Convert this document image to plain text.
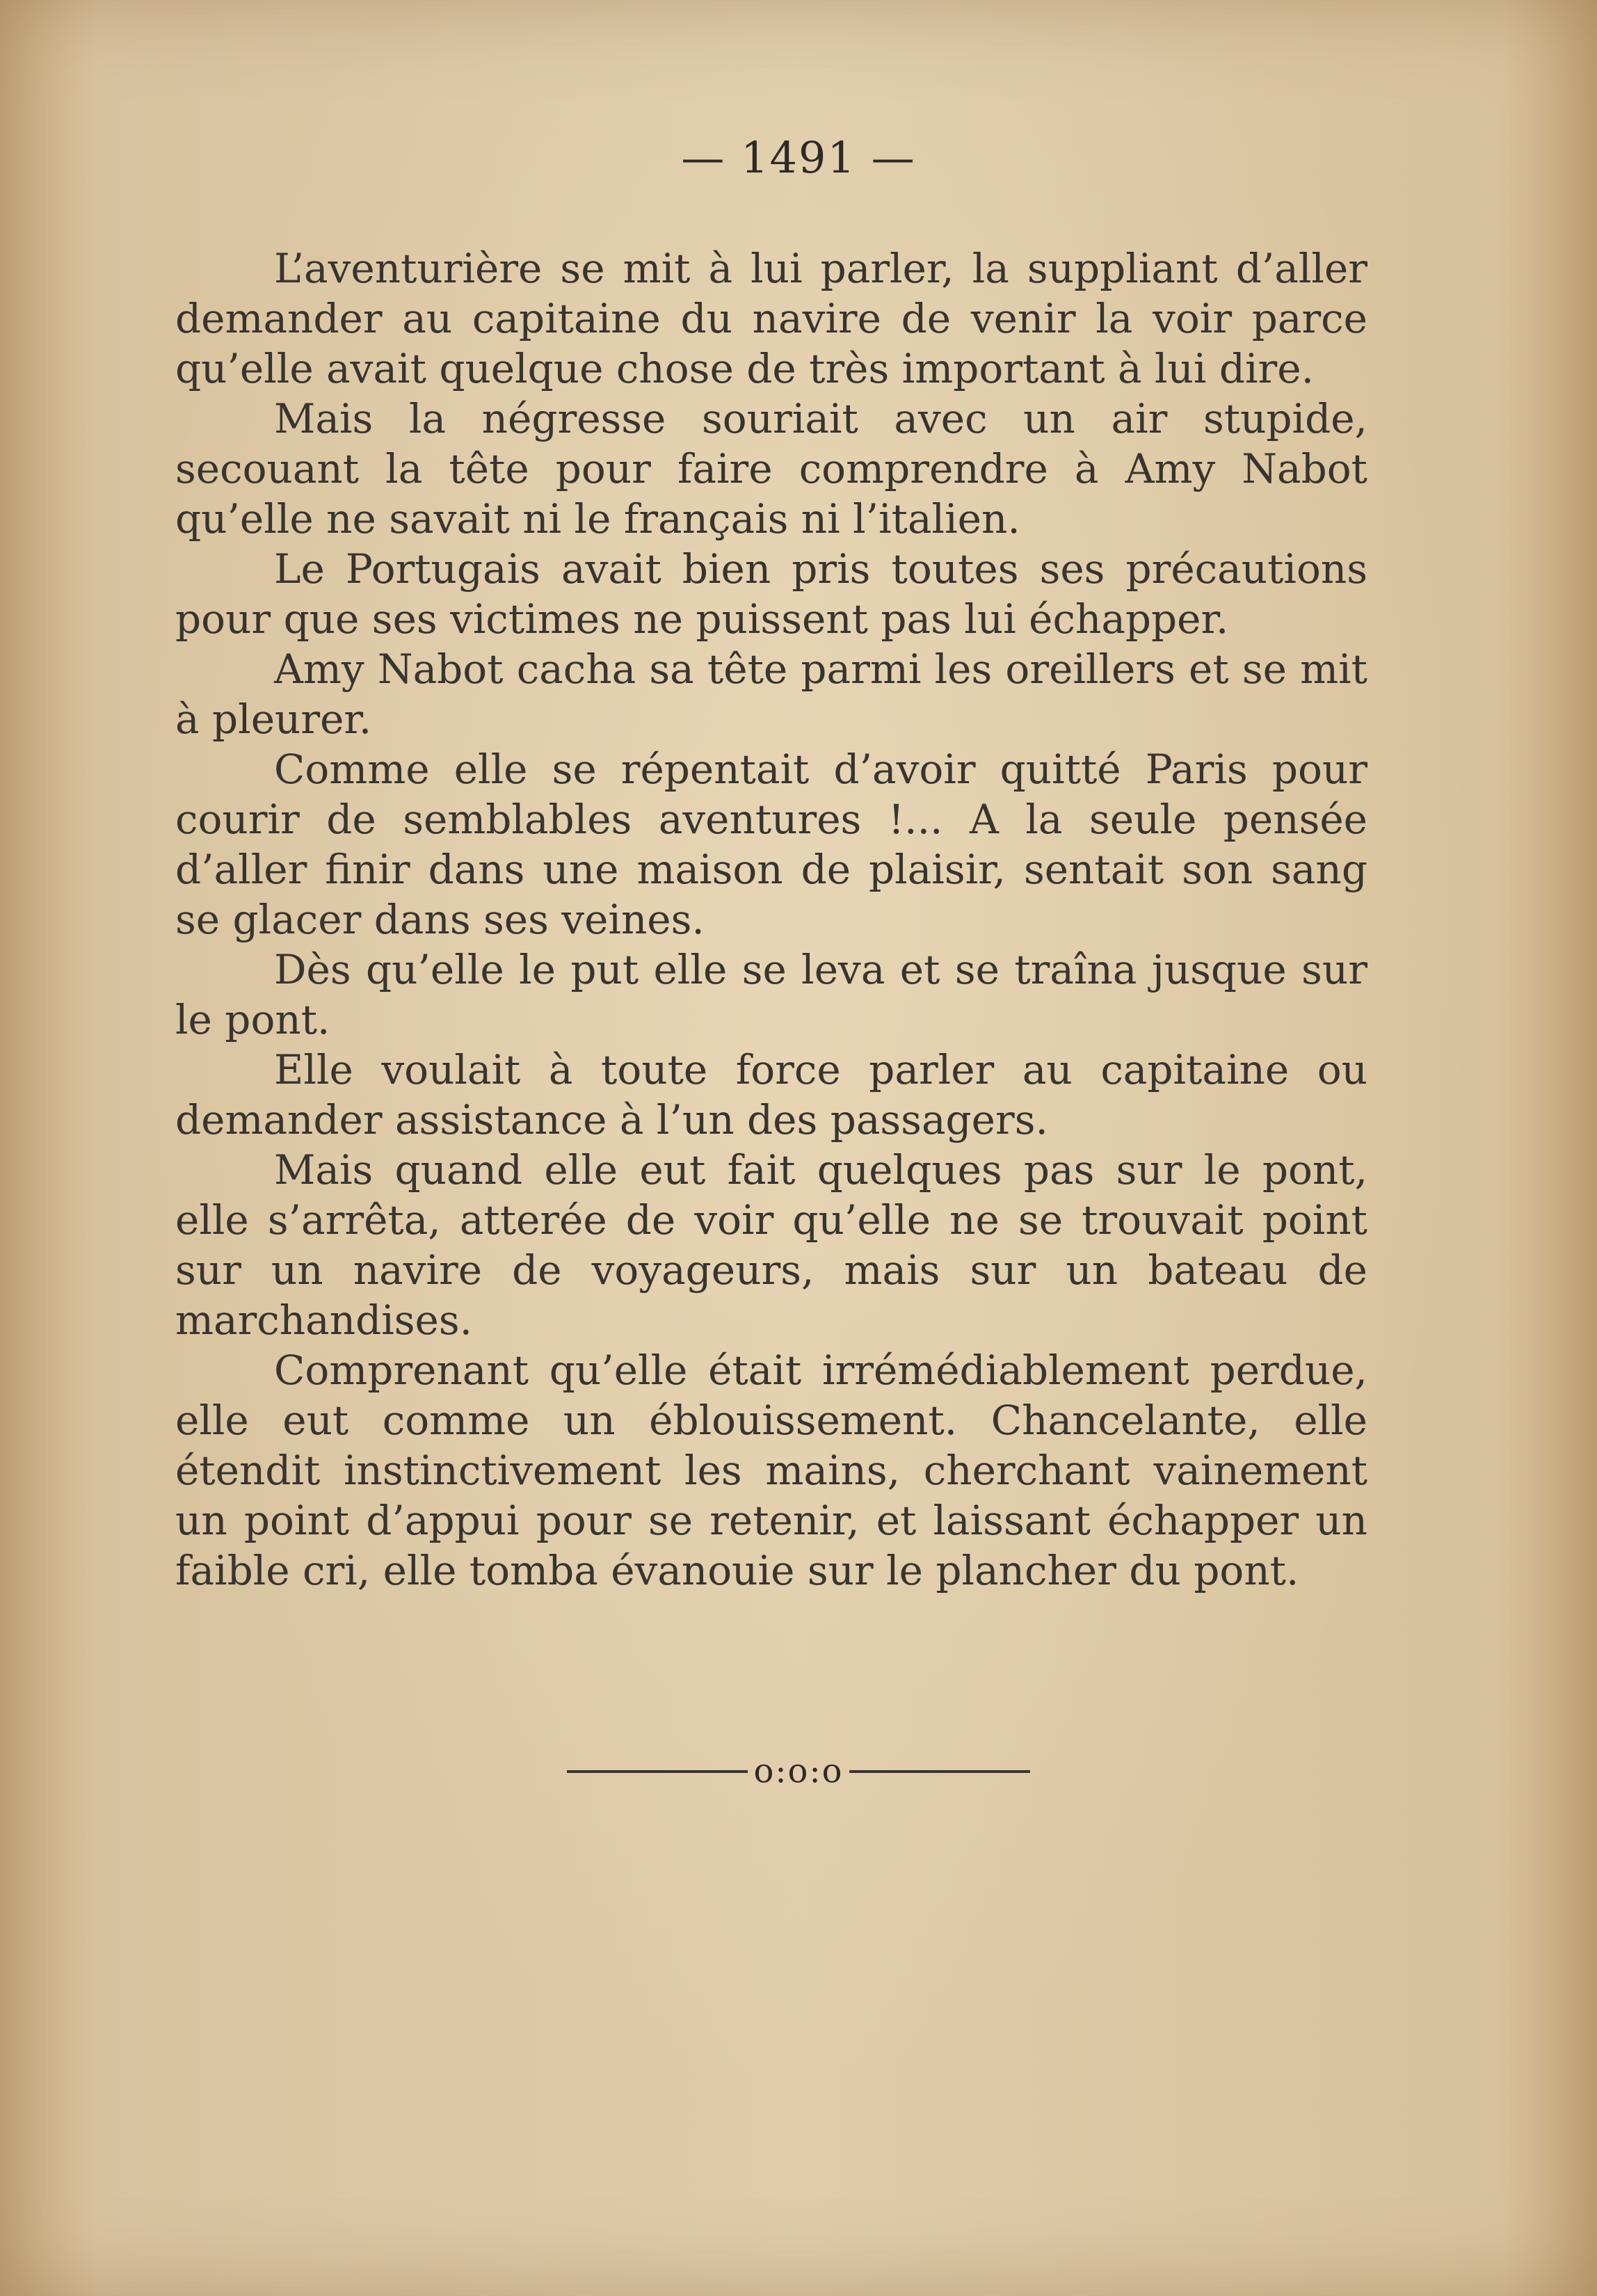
— 1491 —

L’aventurière se mit à lui parler, la suppliant d’aller demander au capitaine du navire de venir la voir parce qu’elle avait quelque chose de très important à lui dire.

Mais la négresse souriait avec un air stupide, secouant la tête pour faire comprendre à Amy Nabot qu’elle ne savait ni le français ni l’italien.

Le Portugais avait bien pris toutes ses précautions pour que ses victimes ne puissent pas lui échapper.

Amy Nabot cacha sa tête parmi les oreillers et se mit à pleurer.

Comme elle se répentait d’avoir quitté Paris pour courir de semblables aventures !... A la seule pensée d’aller finir dans une maison de plaisir, sentait son sang se glacer dans ses veines.

Dès qu’elle le put elle se leva et se traîna jusque sur le pont.

Elle voulait à toute force parler au capitaine ou demander assistance à l’un des passagers.

Mais quand elle eut fait quelques pas sur le pont, elle s’arrêta, atterée de voir qu’elle ne se trouvait point sur un navire de voyageurs, mais sur un bateau de marchandises.

Comprenant qu’elle était irrémédiablement perdue, elle eut comme un éblouissement. Chancelante, elle étendit instinctivement les mains, cherchant vainement un point d’appui pour se retenir, et laissant échapper un faible cri, elle tomba évanouie sur le plancher du pont.

o:o:o
